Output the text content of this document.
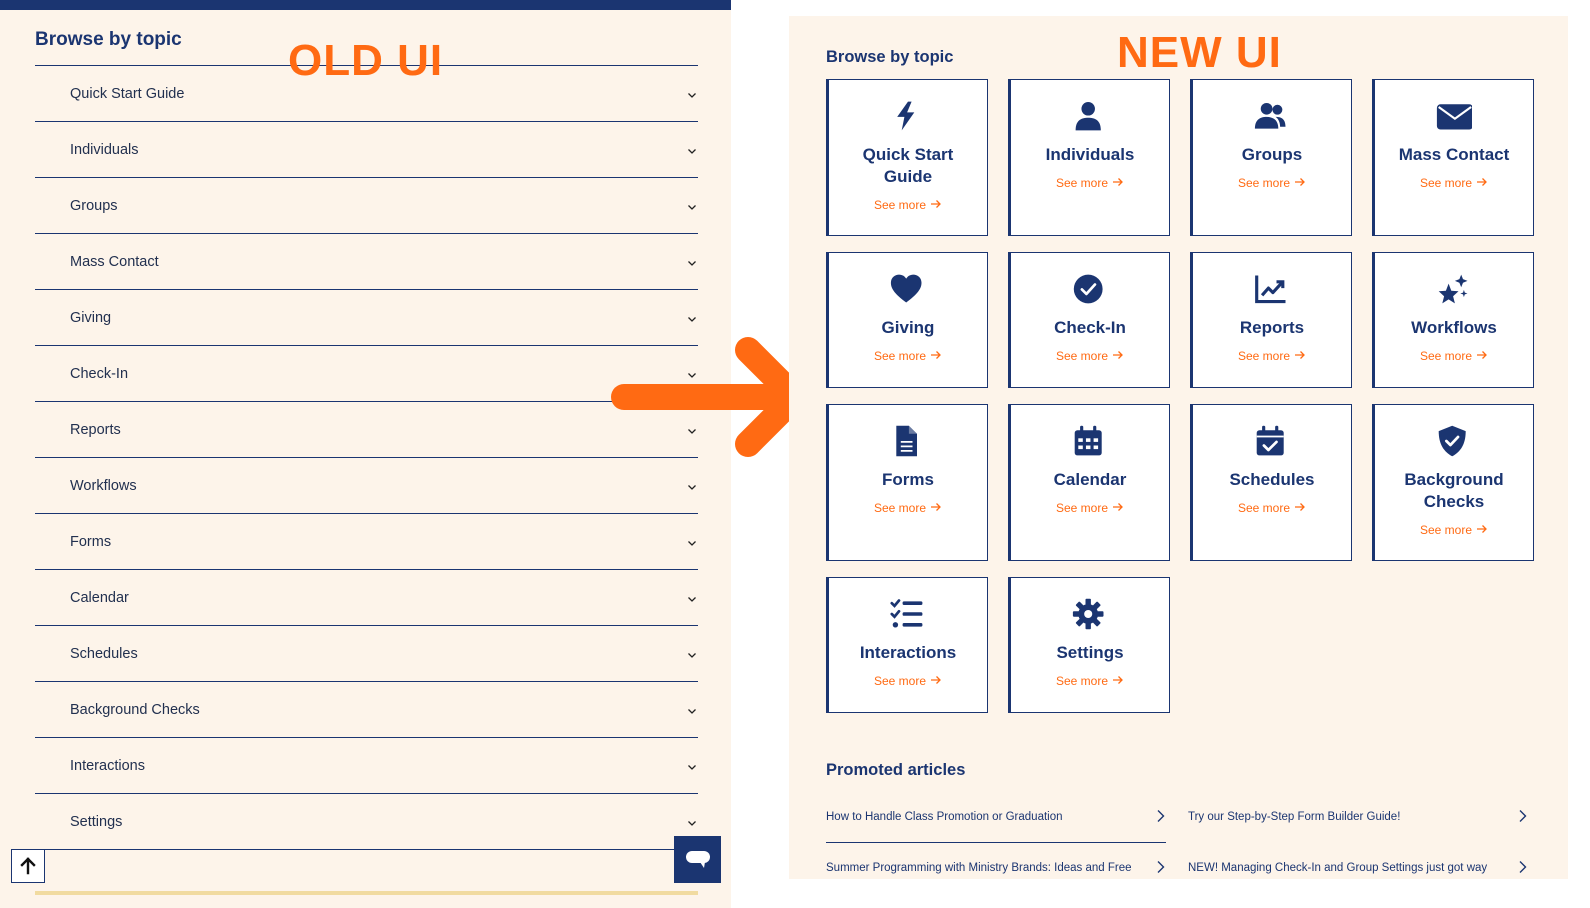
Browse by topic
Quick Start Guide
Individuals
Groups
Mass Contact
Giving
Check-In
Reports
Workflows
Forms
Calendar
Schedules
Background Checks
Interactions
Settings
OLD UI	Browse by topic	NEW UI
Promoted articles
Quick Start Guide
See more
Individuals
See more
Groups
See more
Mass Contact
See more
Giving
See more
Check-In
See more
Reports
See more
Workflows
See more
Forms
See more
Calendar
See more
Schedules
See more
Background Checks
See more
Interactions
See more
Settings
See more
How to Handle Class Promotion or Graduation	Try our Step-by-Step Form Builder Guide!
Summer Programming with Ministry Brands: Ideas and Free	NEW! Managing Check-In and Group Settings just got way
